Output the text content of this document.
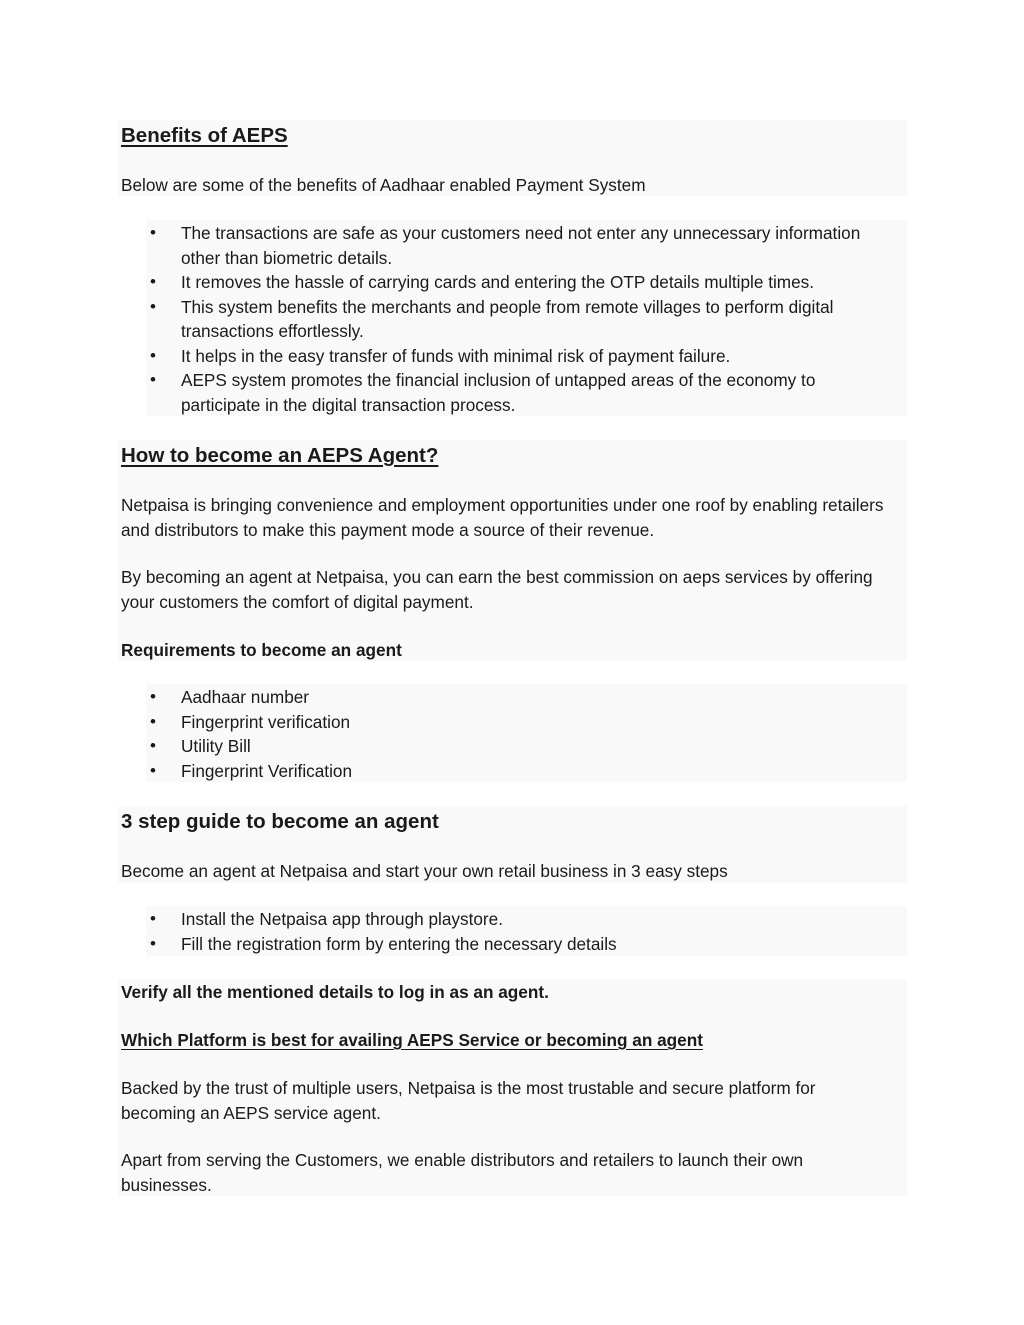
Benefits of AEPS

Below are some of the benefits of Aadhaar enabled Payment System

• The transactions are safe as your customers need not enter any unnecessary information other than biometric details.
• It removes the hassle of carrying cards and entering the OTP details multiple times.
• This system benefits the merchants and people from remote villages to perform digital transactions effortlessly.
• It helps in the easy transfer of funds with minimal risk of payment failure.
• AEPS system promotes the financial inclusion of untapped areas of the economy to participate in the digital transaction process.
How to become an AEPS Agent?

Netpaisa is bringing convenience and employment opportunities under one roof by enabling retailers and distributors to make this payment mode a source of their revenue.

By becoming an agent at Netpaisa, you can earn the best commission on aeps services by offering your customers the comfort of digital payment.

Requirements to become an agent

• Aadhaar number
• Fingerprint verification
• Utility Bill
• Fingerprint Verification
3 step guide to become an agent

Become an agent at Netpaisa and start your own retail business in 3 easy steps

• Install the Netpaisa app through playstore.
• Fill the registration form by entering the necessary details

Verify all the mentioned details to log in as an agent.

Which Platform is best for availing AEPS Service or becoming an agent

Backed by the trust of multiple users, Netpaisa is the most trustable and secure platform for becoming an AEPS service agent.

Apart from serving the Customers, we enable distributors and retailers to launch their own businesses.
